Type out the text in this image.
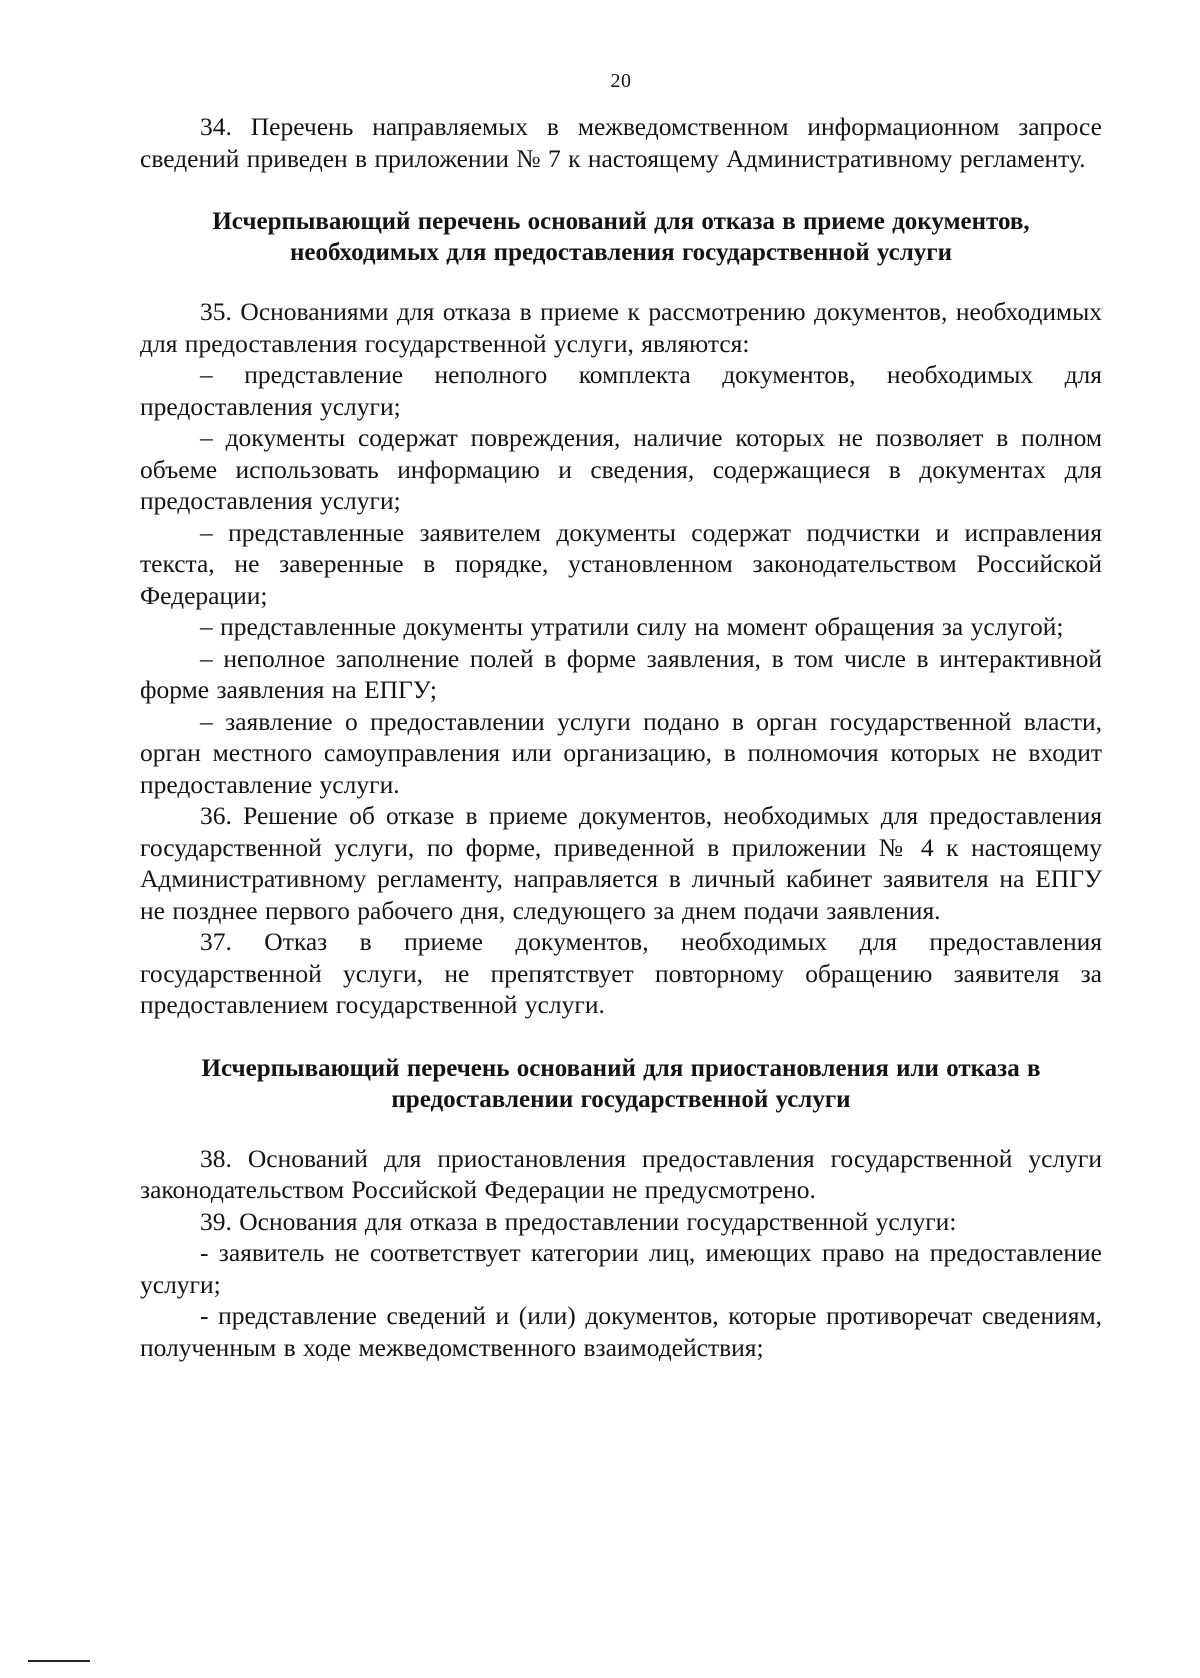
20

34. Перечень направляемых в межведомственном информационном запросе сведений приведен в приложении № 7 к настоящему Административному регламенту.

Исчерпывающий перечень оснований для отказа в приеме документов, необходимых для предоставления государственной услуги

35. Основаниями для отказа в приеме к рассмотрению документов, необходимых для предоставления государственной услуги, являются:

– представление неполного комплекта документов, необходимых для предоставления услуги;

– документы содержат повреждения, наличие которых не позволяет в полном объеме использовать информацию и сведения, содержащиеся в документах для предоставления услуги;

– представленные заявителем документы содержат подчистки и исправления текста, не заверенные в порядке, установленном законодательством Российской Федерации;

– представленные документы утратили силу на момент обращения за услугой;

– неполное заполнение полей в форме заявления, в том числе в интерактивной форме заявления на ЕПГУ;

– заявление о предоставлении услуги подано в орган государственной власти, орган местного самоуправления или организацию, в полномочия которых не входит предоставление услуги.

36. Решение об отказе в приеме документов, необходимых для предоставления государственной услуги, по форме, приведенной в приложении № 4 к настоящему Административному регламенту, направляется в личный кабинет заявителя на ЕПГУ не позднее первого рабочего дня, следующего за днем подачи заявления.

37. Отказ в приеме документов, необходимых для предоставления государственной услуги, не препятствует повторному обращению заявителя за предоставлением государственной услуги.

Исчерпывающий перечень оснований для приостановления или отказа в предоставлении государственной услуги

38. Оснований для приостановления предоставления государственной услуги законодательством Российской Федерации не предусмотрено.

39. Основания для отказа в предоставлении государственной услуги:

- заявитель не соответствует категории лиц, имеющих право на предоставление услуги;

- представление сведений и (или) документов, которые противоречат сведениям, полученным в ходе межведомственного взаимодействия;
